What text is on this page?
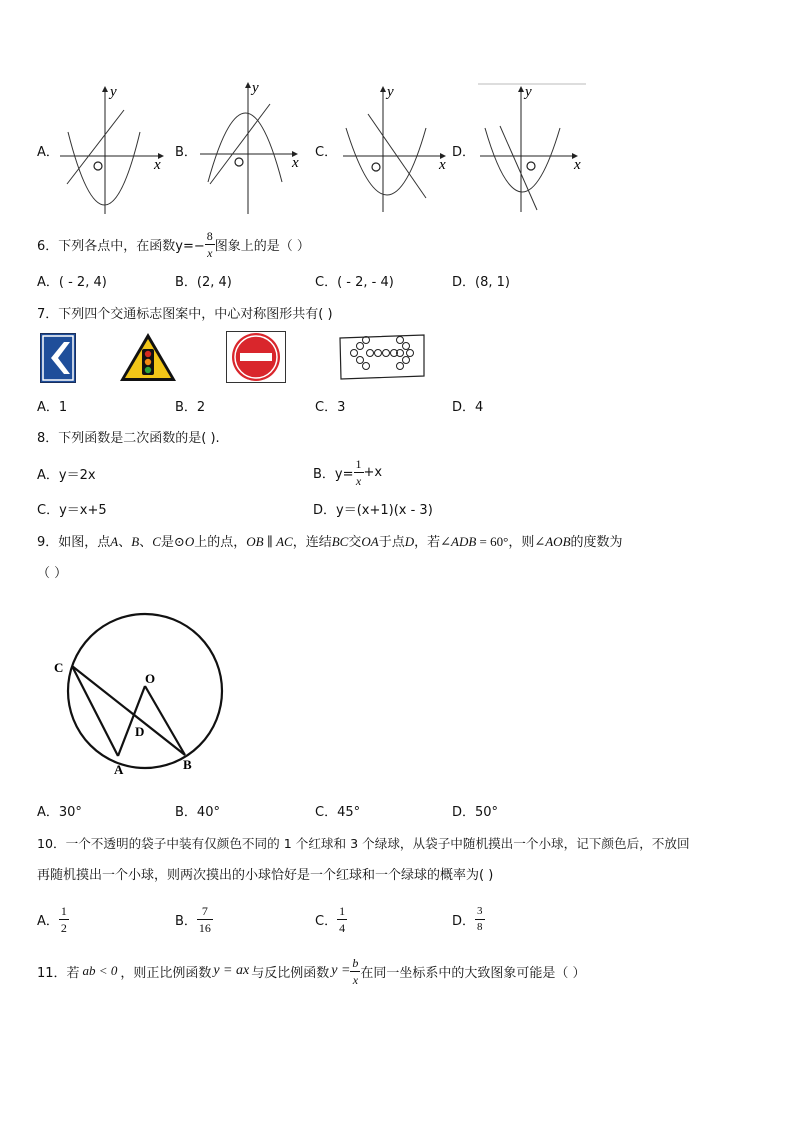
x
y
x
y
x
y
x
y
A．	B．	C．	D．
6． 下列各点中，在函数$y=- \frac{8}{x}$ 图象上的是（ ）
A．( - 2, 4)	B．(2, 4)	C．( - 2, - 4)	D．(8, 1)
7．下列四个交通标志图案中，中心对称图形共有( )
A．1	B．2	C．3	D．4
8．下列函数是二次函数的是( ).
A．y＝2x	B．$y= \frac{1}{x} +x$
C．y＝x+5	D．y＝(x+1)(x - 3)
9．如图，点A、B、C是⊙O上的点，OB ∥ AC，连结BC交OA于点D，若∠ADB = 60°，则∠AOB的度数为
（ ）
C
O
D
A	B
A．30°	B．40°	C．45°	D．50°
10．一个不透明的袋子中装有仅颜色不同的 1 个红球和 3 个绿球，从袋子中随机摸出一个小球，记下颜色后，不放回
再随机摸出一个小球，则两次摸出的小球恰好是一个红球和一个绿球的概率为( )
A． $\frac{1}{2}$	B． $\frac{7}{16}$	C． $\frac{1}{4}$	D． $\frac{3}{8}$
11．若 ab < 0 ，则正比例函数 y = ax 与反比例函数 $y = \frac{b}{x}$ 在同一坐标系中的大致图象可能是（ ）
